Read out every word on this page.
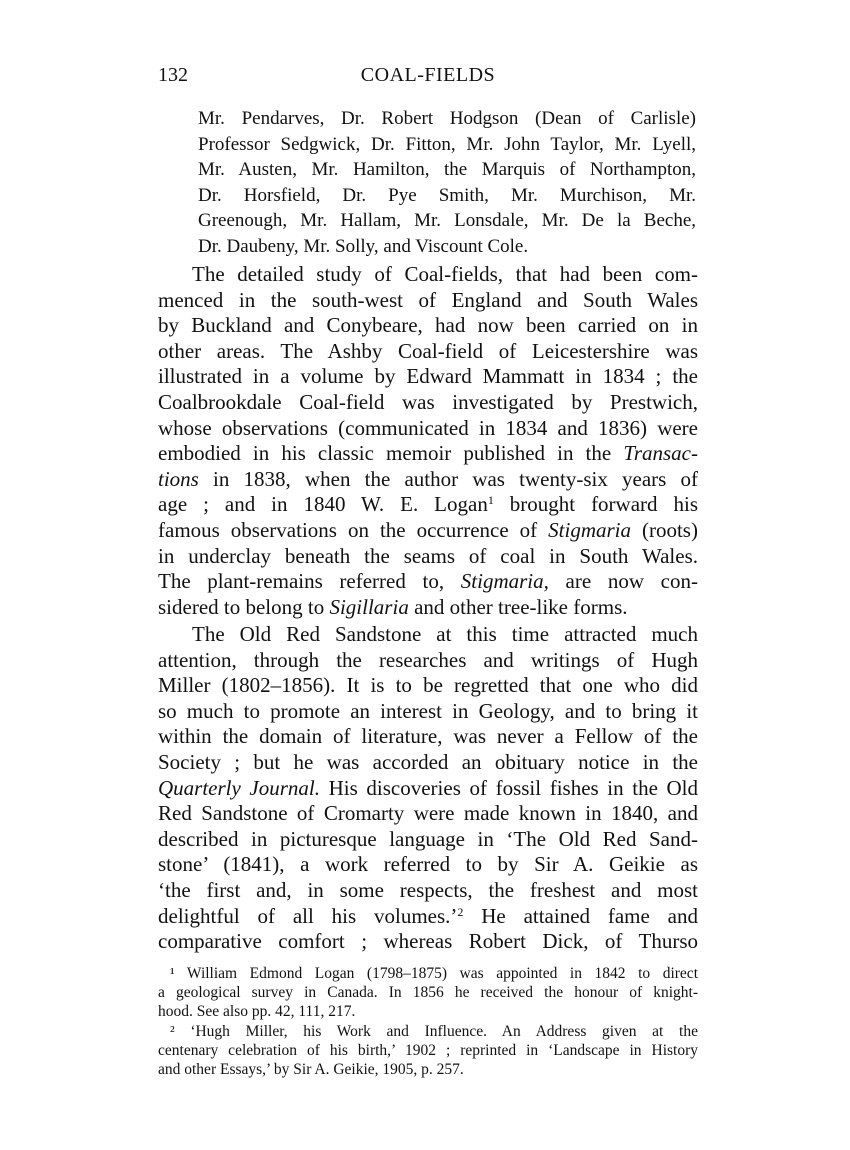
132	COAL-FIELDS
Mr. Pendarves, Dr. Robert Hodgson (Dean of Carlisle)
Professor Sedgwick, Dr. Fitton, Mr. John Taylor, Mr. Lyell,
Mr. Austen, Mr. Hamilton, the Marquis of Northampton,
Dr. Horsfield, Dr. Pye Smith, Mr. Murchison, Mr.
Greenough, Mr. Hallam, Mr. Lonsdale, Mr. De la Beche,
Dr. Daubeny, Mr. Solly, and Viscount Cole.
The detailed study of Coal-fields, that had been com-
menced in the south-west of England and South Wales
by Buckland and Conybeare, had now been carried on in
other areas. The Ashby Coal-field of Leicestershire was
illustrated in a volume by Edward Mammatt in 1834 ; the
Coalbrookdale Coal-field was investigated by Prestwich,
whose observations (communicated in 1834 and 1836) were
embodied in his classic memoir published in the Transac-
tions in 1838, when the author was twenty-six years of
age ; and in 1840 W. E. Logan$^1$ brought forward his
famous observations on the occurrence of Stigmaria (roots)
in underclay beneath the seams of coal in South Wales.
The plant-remains referred to, Stigmaria, are now con-
sidered to belong to Sigillaria and other tree-like forms.
The Old Red Sandstone at this time attracted much
attention, through the researches and writings of Hugh
Miller (1802–1856). It is to be regretted that one who did
so much to promote an interest in Geology, and to bring it
within the domain of literature, was never a Fellow of the
Society ; but he was accorded an obituary notice in the
Quarterly Journal. His discoveries of fossil fishes in the Old
Red Sandstone of Cromarty were made known in 1840, and
described in picturesque language in ‘The Old Red Sand-
stone’ (1841), a work referred to by Sir A. Geikie as
‘the first and, in some respects, the freshest and most
delightful of all his volumes.’$^2$ He attained fame and
comparative comfort ; whereas Robert Dick, of Thurso
¹ William Edmond Logan (1798–1875) was appointed in 1842 to direct
a geological survey in Canada. In 1856 he received the honour of knight-
hood. See also pp. 42, 111, 217.
² ‘Hugh Miller, his Work and Influence. An Address given at the
centenary celebration of his birth,’ 1902 ; reprinted in ‘Landscape in History
and other Essays,’ by Sir A. Geikie, 1905, p. 257.
